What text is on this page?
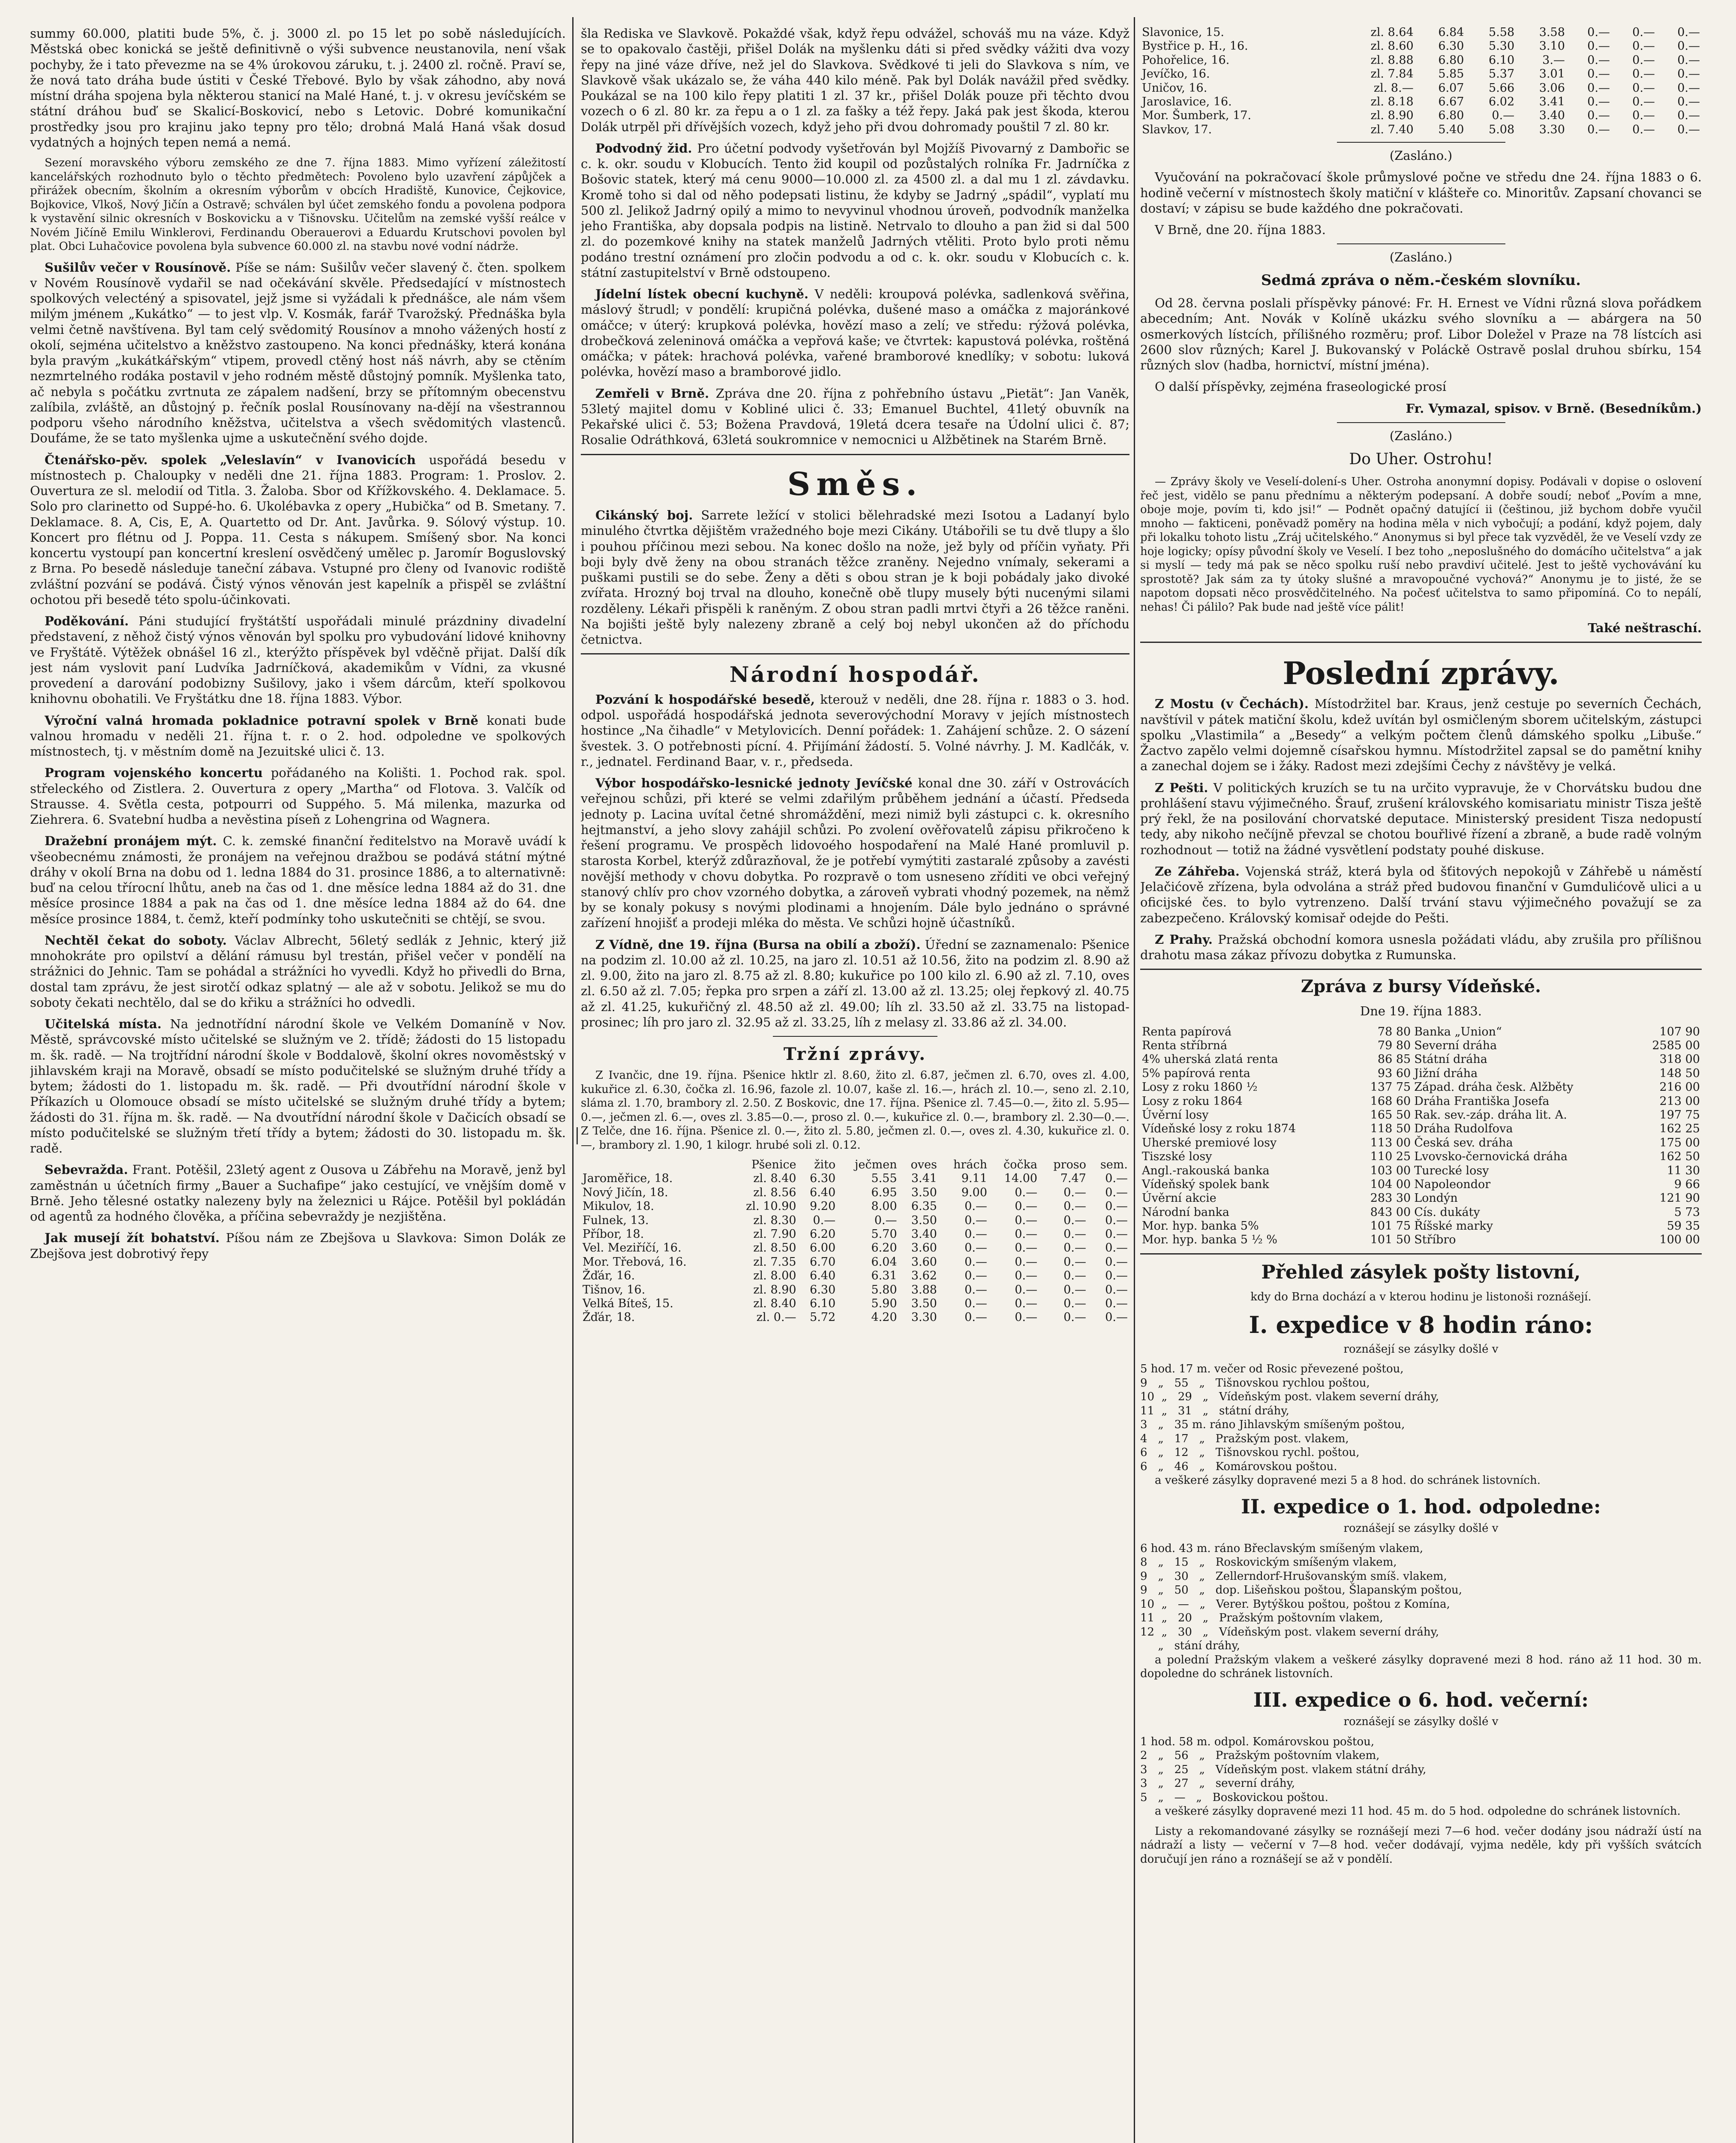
summy 60.000, platiti bude 5%, č. j. 3000 zl. po 15 let po sobě následujících. Městská obec konická se ještě definitivně o výši subvence neustanovila, není však pochyby, že i tato převezme na se 4% úrokovou záruku, t. j. 2400 zl. ročně. Praví se, že nová tato dráha bude ústiti v České Třebové. Bylo by však záhodno, aby nová místní dráha spojena byla některou stanicí na Malé Hané, t. j. v okresu jevíčském se státní dráhou buď se Skalicí-Boskovicí, nebo s Letovic. Dobré komunikační prostředky jsou pro krajinu jako tepny pro tělo; drobná Malá Haná však dosud vydatných a hojných tepen nemá a nemá.

Sezení moravského výboru zemského ze dne 7. října 1883. Mimo vyřízení záležitostí kancelářských rozhodnuto bylo o těchto předmětech: Povoleno bylo uzavření zápůjček a přirážek obecním, školním a okresním výborům v obcích Hradiště, Kunovice, Čejkovice, Bojkovice, Vlkoš, Nový Jičín a Ostravě; schválen byl účet zemského fondu a povolena podpora k vystavění silnic okresních v Boskovicku a v Tišnovsku. Učitelům na zemské vyšší reálce v Novém Jičíně Emilu Winklerovi, Ferdinandu Oberauerovi a Eduardu Krutschovi povolen byl plat. Obci Luhačovice povolena byla subvence 60.000 zl. na stavbu nové vodní nádrže.

Sušilův večer v Rousínově. Píše se nám: Sušilův večer slavený č. čten. spolkem v Novém Rousínově vydařil se nad očekávání skvěle. Předsedající v místnostech spolkových velecténý a spisovatel, jejž jsme si vyžádali k přednášce, ale nám všem milým jménem „Kukátko“ — to jest vlp. V. Kosmák, farář Tvarožský. Přednáška byla velmi četně navštívena. Byl tam celý svědomitý Rousínov a mnoho vážených hostí z okolí, sejména učitelstvo a kněžstvo zastoupeno. Na konci přednášky, která konána byla pravým „kukátkářským“ vtipem, provedl ctěný host náš návrh, aby se ctěním nezmrtelného rodáka postavil v jeho rodném městě důstojný pomník. Myšlenka tato, ač nebyla s počátku zvrtnuta ze zápalem nadšení, brzy se přítomným obecenstvu zalíbila, zvláště, an důstojný p. řečník poslal Rousínovany na-dějí na všestrannou podporu všeho národního kněžstva, učitelstva a všech svědomitých vlastenců. Doufáme, že se tato myšlenka ujme a uskutečnění svého dojde.

Čtenářsko-pěv. spolek „Veleslavín“ v Ivanovicích uspořádá besedu v místnostech p. Chaloupky v neděli dne 21. října 1883. Program: 1. Proslov. 2. Ouvertura ze sl. melodií od Titla. 3. Žaloba. Sbor od Křížkovského. 4. Deklamace. 5. Solo pro clarinetto od Suppé-ho. 6. Ukolébavka z opery „Hubička“ od B. Smetany. 7. Deklamace. 8. A, Cis, E, A. Quartetto od Dr. Ant. Javůrka. 9. Sólový výstup. 10. Koncert pro flétnu od J. Poppa. 11. Cesta s nákupem. Smíšený sbor. Na konci koncertu vystoupí pan koncertní kreslení osvědčený umělec p. Jaromír Boguslovský z Brna. Po besedě následuje taneční zábava. Vstupné pro členy od Ivanovic rodiště zvláštní pozvání se podává. Čistý výnos věnován jest kapelník a přispěl se zvláštní ochotou při besedě této spolu-účinkovati.

Poděkování. Páni studující fryštátští uspořádali minulé prázdniny divadelní představení, z něhož čistý výnos věnován byl spolku pro vybudování lidové knihovny ve Fryštátě. Výtěžek obnášel 16 zl., kterýžto příspěvek byl vděčně přijat. Další dík jest nám vyslovit paní Ludvíka Jadrníčková, akademikům v Vídni, za vkusné provedení a darování podobizny Sušilovy, jako i všem dárcům, kteří spolkovou knihovnu obohatili. Ve Fryštátku dne 18. října 1883. Výbor.

Výroční valná hromada pokladnice potravní spolek v Brně konati bude valnou hromadu v neděli 21. října t. r. o 2. hod. odpoledne ve spolkových místnostech, tj. v městním domě na Jezuitské ulici č. 13.

Program vojenského koncertu pořádaného na Kolišti. 1. Pochod rak. spol. střeleckého od Zistlera. 2. Ouvertura z opery „Martha“ od Flotova. 3. Valčík od Strausse. 4. Světla cesta, potpourri od Suppého. 5. Má milenka, mazurka od Ziehrera. 6. Svatební hudba a nevěstina píseň z Lohengrina od Wagnera.

Dražební pronájem mýt. C. k. zemské finanční ředitelstvo na Moravě uvádí k všeobecnému známosti, že pronájem na veřejnou dražbou se podává státní mýtné dráhy v okolí Brna na dobu od 1. ledna 1884 do 31. prosince 1886, a to alternativně: buď na celou třírocní lhůtu, aneb na čas od 1. dne měsíce ledna 1884 až do 31. dne měsíce prosince 1884 a pak na čas od 1. dne měsíce ledna 1884 až do 64. dne měsíce prosince 1884, t. čemž, kteří podmínky toho uskutečniti se chtějí, se svou.

Nechtěl čekat do soboty. Václav Albrecht, 56letý sedlák z Jehnic, který již mnohokráte pro opilství a dělání rámusu byl trestán, přišel večer v pondělí na strážnici do Jehnic. Tam se pohádal a strážníci ho vyvedli. Když ho přivedli do Brna, dostal tam zprávu, že jest sirotčí odkaz splatný — ale až v sobotu. Jelikož se mu do soboty čekati nechtělo, dal se do křiku a strážníci ho odvedli.

Učitelská místa. Na jednotřídní národní škole ve Velkém Domaníně v Nov. Městě, správcovské místo učitelské se služným ve 2. třídě; žádosti do 15 listopadu m. šk. radě. — Na trojtřídní národní škole v Boddalově, školní okres novoměstský v jihlavském kraji na Moravě, obsadí se místo podučitelské se služným druhé třídy a bytem; žádosti do 1. listopadu m. šk. radě. — Při dvoutřídní národní škole v Příkazích u Olomouce obsadí se místo učitelské se služným druhé třídy a bytem; žádosti do 31. října m. šk. radě. — Na dvoutřídní národní škole v Dačicích obsadí se místo podučitelské se služným třetí třídy a bytem; žádosti do 30. listopadu m. šk. radě.

Sebevražda. Frant. Potěšil, 23letý agent z Ousova u Zábřehu na Moravě, jenž byl zaměstnán u účetních firmy „Bauer a Suchafipe“ jako cestující, ve vnějším domě v Brně. Jeho tělesné ostatky nalezeny byly na železnici u Rájce. Potěšil byl pokládán od agentů za hodného člověka, a příčina sebevraždy je nezjištěna.

Jak musejí žít bohatství. Píšou nám ze Zbejšova u Slavkova: Simon Dolák ze Zbejšova jest dobrotivý řepy

šla Rediska ve Slavkově. Pokaždé však, když řepu odvážel, schováš mu na váze. Když se to opakovalo častěji, přišel Dolák na myšlenku dáti si před svědky vážiti dva vozy řepy na jiné váze dříve, než jel do Slavkova. Svědkové ti jeli do Slavkova s ním, ve Slavkově však ukázalo se, že váha 440 kilo méně. Pak byl Dolák navážil před svědky. Poukázal se na 100 kilo řepy platiti 1 zl. 37 kr., přišel Dolák pouze při těchto dvou vozech o 6 zl. 80 kr. za řepu a o 1 zl. za fašky a též řepy. Jaká pak jest škoda, kterou Dolák utrpěl při dřívějších vozech, když jeho při dvou dohromady pouštil 7 zl. 80 kr.

Podvodný žid. Pro účetní podvody vyšetřován byl Mojžíš Pivovarný z Dambořic se c. k. okr. soudu v Klobucích. Tento žid koupil od pozůstalých rolníka Fr. Jadrníčka z Bošovic statek, který má cenu 9000—10.000 zl. za 4500 zl. a dal mu 1 zl. závdavku. Kromě toho si dal od něho podepsati listinu, že kdyby se Jadrný „spádil“, vyplatí mu 500 zl. Jelikož Jadrný opilý a mimo to nevyvinul vhodnou úroveň, podvodník manželka jeho Františka, aby dopsala podpis na listině. Netrvalo to dlouho a pan žid si dal 500 zl. do pozemkové knihy na statek manželů Jadrných vtěliti. Proto bylo proti němu podáno trestní oznámení pro zločin podvodu a od c. k. okr. soudu v Klobucích c. k. státní zastupitelství v Brně odstoupeno.

Jídelní lístek obecní kuchyně. V neděli: kroupová polévka, sadlenková svěřina, máslový štrudl; v pondělí: krupičná polévka, dušené maso a omáčka z majoránkové omáčce; v úterý: krupková polévka, hovězí maso a zelí; ve středu: rýžová polévka, drobečková zeleninová omáčka a vepřová kaše; ve čtvrtek: kapustová polévka, roštěná omáčka; v pátek: hrachová polévka, vařené bramborové knedlíky; v sobotu: luková polévka, hovězí maso a bramborové jidlo.

Zemřeli v Brně. Zpráva dne 20. října z pohřebního ústavu „Pietät“: Jan Vaněk, 53letý majitel domu v Kobliné ulici č. 33; Emanuel Buchtel, 41letý obuvník na Pekařské ulici č. 53; Božena Pravdová, 19letá dcera tesaře na Údolní ulici č. 87; Rosalie Odráthková, 63letá soukromnice v nemocnici u Alžbětinek na Starém Brně.

Směs.

Cikánský boj. Sarrete ležící v stolici bělehradské mezi Isotou a Ladanyí bylo minulého čtvrtka dějištěm vražedného boje mezi Cikány. Utábořili se tu dvě tlupy a šlo i pouhou příčinou mezi sebou. Na konec došlo na nože, jež byly od příčin vyňaty. Při boji byly dvě ženy na obou stranách těžce zraněny. Nejedno vnímaly, sekerami a puškami pustili se do sebe. Ženy a děti s obou stran je k boji pobádaly jako divoké zvířata. Hrozný boj trval na dlouho, konečně obě tlupy musely býti nucenými silami rozděleny. Lékaři přispěli k raněným. Z obou stran padli mrtvi čtyři a 26 těžce raněni. Na bojišti ještě byly nalezeny zbraně a celý boj nebyl ukončen až do příchodu četnictva.

Národní hospodář.

Pozvání k hospodářské besedě, kterouž v neděli, dne 28. října r. 1883 o 3. hod. odpol. uspořádá hospodářská jednota severovýchodní Moravy v jejích místnostech hostince „Na čihadle“ v Metylovicích. Denní pořádek: 1. Zahájení schůze. 2. O sázení švestek. 3. O potřebnosti pícní. 4. Přijímání žádostí. 5. Volné návrhy. J. M. Kadlčák, v. r., jednatel. Ferdinand Baar, v. r., předseda.

Výbor hospodářsko-lesnické jednoty Jevíčské konal dne 30. září v Ostrovácích veřejnou schůzi, při které se velmi zdařilým průběhem jednání a účastí. Předseda jednoty p. Lacina uvítal četné shromáždění, mezi nimiž byli zástupci c. k. okresního hejtmanství, a jeho slovy zahájil schůzi. Po zvolení ověřovatelů zápisu přikročeno k řešení programu. Ve prospěch lidovoého hospodaření na Malé Hané promluvil p. starosta Korbel, kterýž zdůrazňoval, že je potřebí vymýtiti zastaralé způsoby a zavésti novější methody v chovu dobytka. Po rozpravě o tom usneseno zříditi ve obci veřejný stanový chlív pro chov vzorného dobytka, a zároveň vybrati vhodný pozemek, na němž by se konaly pokusy s novými plodinami a hnojením. Dále bylo jednáno o správné zařízení hnojišť a prodeji mléka do města. Ve schůzi hojně účastníků.

Z Vídně, dne 19. října (Bursa na obilí a zboží). Úřední se zaznamenalo: Pšenice na podzim zl. 10.00 až zl. 10.25, na jaro zl. 10.51 až 10.56, žito na podzim zl. 8.90 až zl. 9.00, žito na jaro zl. 8.75 až zl. 8.80; kukuřice po 100 kilo zl. 6.90 až zl. 7.10, oves zl. 6.50 až zl. 7.05; řepka pro srpen a září zl. 13.00 až zl. 13.25; olej řepkový zl. 40.75 až zl. 41.25, kukuřičný zl. 48.50 až zl. 49.00; líh zl. 33.50 až zl. 33.75 na listopad-prosinec; líh pro jaro zl. 32.95 až zl. 33.25, líh z melasy zl. 33.86 až zl. 34.00.

Tržní zprávy.

Z Ivančic, dne 19. října. Pšenice hktlr zl. 8.60, žito zl. 6.87, ječmen zl. 6.70, oves zl. 4.00, kukuřice zl. 6.30, čočka zl. 16.96, fazole zl. 10.07, kaše zl. 16.—, hrách zl. 10.—, seno zl. 2.10, sláma zl. 1.70, brambory zl. 2.50. Z Boskovic, dne 17. října. Pšenice zl. 7.45—0.—, žito zl. 5.95—0.—, ječmen zl. 6.—, oves zl. 3.85—0.—, proso zl. 0.—, kukuřice zl. 0.—, brambory zl. 2.30—0.—. Z Telče, dne 16. října. Pšenice zl. 0.—, žito zl. 5.80, ječmen zl. 0.—, oves zl. 4.30, kukuřice zl. 0.—, brambory zl. 1.90, 1 kilogr. hrubé soli zl. 0.12.

	Pšenice	žito	ječmen	oves	hrách	čočka	proso	sem.
Jaroměřice, 18.	zl. 8.40	6.30	5.55	3.41	9.11	14.00	7.47	0.—
Nový Jičín, 18.	zl. 8.56	6.40	6.95	3.50	9.00	0.—	0.—	0.—
Mikulov, 18.	zl. 10.90	9.20	8.00	6.35	0.—	0.—	0.—	0.—
Fulnek, 13.	zl. 8.30	0.—	0.—	3.50	0.—	0.—	0.—	0.—
Příbor, 18.	zl. 7.90	6.20	5.70	3.40	0.—	0.—	0.—	0.—
Vel. Meziříčí, 16.	zl. 8.50	6.00	6.20	3.60	0.—	0.—	0.—	0.—
Mor. Třebová, 16.	zl. 7.35	6.70	6.04	3.60	0.—	0.—	0.—	0.—
Žďár, 16.	zl. 8.00	6.40	6.31	3.62	0.—	0.—	0.—	0.—
Tišnov, 16.	zl. 8.90	6.30	5.80	3.88	0.—	0.—	0.—	0.—
Velká Bíteš, 15.	zl. 8.40	6.10	5.90	3.50	0.—	0.—	0.—	0.—
Žďár, 18.	zl. 0.—	5.72	4.20	3.30	0.—	0.—	0.—	0.—
Slavonice, 15.	zl. 8.64	6.84	5.58	3.58	0.—	0.—	0.—
Bystřice p. H., 16.	zl. 8.60	6.30	5.30	3.10	0.—	0.—	0.—
Pohořelice, 16.	zl. 8.88	6.80	6.10	3.—	0.—	0.—	0.—
Jevíčko, 16.	zl. 7.84	5.85	5.37	3.01	0.—	0.—	0.—
Uničov, 16.	zl. 8.—	6.07	5.66	3.06	0.—	0.—	0.—
Jaroslavice, 16.	zl. 8.18	6.67	6.02	3.41	0.—	0.—	0.—
Mor. Šumberk, 17.	zl. 8.90	6.80	0.—	3.40	0.—	0.—	0.—
Slavkov, 17.	zl. 7.40	5.40	5.08	3.30	0.—	0.—	0.—

(Zasláno.)

Vyučování na pokračovací škole průmyslové počne ve středu dne 24. října 1883 o 6. hodině večerní v místnostech školy matiční v klášteře co. Minoritův. Zapsaní chovanci se dostaví; v zápisu se bude každého dne pokračovati.

V Brně, dne 20. října 1883.

(Zasláno.)

Sedmá zpráva o něm.-českém slovníku.

Od 28. června poslali příspěvky pánové: Fr. H. Ernest ve Vídni různá slova pořádkem abecedním; Ant. Novák v Kolíně ukázku svého slovníku a — abárgera na 50 osmerkových lístcích, přílišného rozměru; prof. Libor Doležel v Praze na 78 lístcích asi 2600 slov různých; Karel J. Bukovanský v Poláckě Ostravě poslal druhou sbírku, 154 různých slov (hadba, hornictví, místní jména).

O další příspěvky, zejména fraseologické prosí

Fr. Vymazal, spisov. v Brně. (Besedníkům.)

(Zasláno.)

Do Uher. Ostrohu!

— Zprávy školy ve Veselí-dolení-s Uher. Ostroha anonymní dopisy. Podávali v dopise o oslovení řeč jest, vidělo se panu přednímu a některým podepsaní. A dobře soudí; neboť „Povím a mne, oboje moje, povím ti, kdo jsi!“ — Podnět opačný datující ii (češtinou, již bychom dobře vyučil mnoho — fakticeni, poněvadž poměry na hodina měla v nich vybočují; a podání, když pojem, daly při lokalku tohoto listu „Zráj učitelského.“ Anonymus si byl přece tak vyzvěděl, že ve Veselí vzdy ze hoje logicky; opísy původní školy ve Veselí. I bez toho „neposlušného do domácího učitelstva“ a jak si myslí — tedy má pak se něco spolku ruší nebo pravdiví učitelé. Jest to ještě vychovávání ku sprostotě? Jak sám za ty útoky slušné a mravopoučné vychová?“ Anonymu je to jisté, že se napotom dopsati něco prosvědčitelného. Na počesť učitelstva to samo připomíná. Co to nepálí, nehas! Či pálilo? Pak bude nad ještě více pálit!

Také neštraschí.

Poslední zprávy.

Z Mostu (v Čechách). Místodržitel bar. Kraus, jenž cestuje po severních Čechách, navštívil v pátek matiční školu, kdež uvítán byl osmičleným sborem učitelským, zástupci spolku „Vlastimila“ a „Besedy“ a velkým počtem členů dámského spolku „Libuše.“ Žactvo zapělo velmi dojemně císařskou hymnu. Místodržitel zapsal se do pamětní knihy a zanechal dojem se i žáky. Radost mezi zdejšími Čechy z návštěvy je velká.

Z Pešti. V politických kruzích se tu na určito vypravuje, že v Chorvátsku budou dne prohlášení stavu výjimečného. Šrauf, zrušení královského komisariatu ministr Tisza ještě prý řekl, že na posilování chorvatské deputace. Ministerský president Tisza nedopustí tedy, aby nikoho nečíjně převzal se chotou bouřlivé řízení a zbraně, a bude radě volným rozhodnout — totiž na žádné vysvětlení podstaty pouhé diskuse.

Ze Záhřeba. Vojenská stráž, která byla od šťitových nepokojů v Záhřebě u náměstí Jelačićově zřízena, byla odvolána a stráž před budovou finanční v Gumdulićově ulici a u oficijské čes. to bylo vytrenzeno. Další trvání stavu výjimečného považují se za zabezpečeno. Královský komisař odejde do Pešti.

Z Prahy. Pražská obchodní komora usnesla požádati vládu, aby zrušila pro přílišnou drahotu masa zákaz přívozu dobytka z Rumunska.

Zpráva z bursy Vídeňské.

Dne 19. října 1883.

Renta papírová	78 80	Banka „Union“	107 90
Renta stříbrná	79 80	Severní dráha	2585 00
4% uherská zlatá renta	86 85	Státní dráha	318 00
5% papírová renta	93 60	Jižní dráha	148 50
Losy z roku 1860 ½	137 75	Západ. dráha česk. Alžběty	216 00
Losy z roku 1864	168 60	Dráha Františka Josefa	213 00
Úvěrní losy	165 50	Rak. sev.-záp. dráha lit. A.	197 75
Vídeňské losy z roku 1874	118 50	Dráha Rudolfova	162 25
Uherské premiové losy	113 00	Česká sev. dráha	175 00
Tiszské losy	110 25	Lvovsko-černovická dráha	162 50
Angl.-rakouská banka	103 00	Turecké losy	11 30
Vídeňský spolek bank	104 00	Napoleondor	9 66
Úvěrní akcie	283 30	Londýn	121 90
Národní banka	843 00	Cís. dukáty	5 73
Mor. hyp. banka 5%	101 75	Říšské marky	59 35
Mor. hyp. banka 5 ½ %	101 50	Stříbro	100 00

Přehled zásylek pošty listovní,

kdy do Brna dochází a v kterou hodinu je listonoši roznášejí.

I. expedice v 8 hodin ráno:

roznášejí se zásylky došlé v

5 hod. 17 m. večer od Rosic převezené poštou,
9   „   55   „   Tišnovskou rychlou poštou,
10  „   29   „   Vídeňským post. vlakem severní dráhy,
11  „   31   „   státní dráhy,
3   „   35 m. ráno Jihlavským smíšeným poštou,
4   „   17   „   Pražským post. vlakem,
6   „   12   „   Tišnovskou rychl. poštou,
6   „   46   „   Komárovskou poštou.

a veškeré zásylky dopravené mezi 5 a 8 hod. do schránek listovních.

II. expedice o 1. hod. odpoledne:

roznášejí se zásylky došlé v

6 hod. 43 m. ráno Břeclavským smíšeným vlakem,
8   „   15   „   Roskovickým smíšeným vlakem,
9   „   30   „   Zellerndorf-Hrušovanským smíš. vlakem,
9   „   50   „   dop. Lišeňskou poštou, Šlapanským poštou,
10  „   —   „   Verer. Bytýškou poštou, poštou z Komína,
11  „   20   „   Pražským poštovním vlakem,
12  „   30   „   Vídeňským post. vlakem severní dráhy,
„   stání dráhy,

a polední Pražským vlakem a veškeré zásylky dopravené mezi 8 hod. ráno až 11 hod. 30 m. dopoledne do schránek listovních.

III. expedice o 6. hod. večerní:

roznášejí se zásylky došlé v

1 hod. 58 m. odpol. Komárovskou poštou,
2   „   56   „   Pražským poštovním vlakem,
3   „   25   „   Vídeňským post. vlakem státní dráhy,
3   „   27   „   severní dráhy,
5   „   —   „   Boskovickou poštou.

a veškeré zásylky dopravené mezi 11 hod. 45 m. do 5 hod. odpoledne do schránek listovních.

Listy a rekomandované zásylky se roznášejí mezi 7—6 hod. večer dodány jsou nádraží ústí na nádraží a listy — večerní v 7—8 hod. večer dodávají, vyjma neděle, kdy při vyšších svátcích doručují jen ráno a roznášejí se až v pondělí.
